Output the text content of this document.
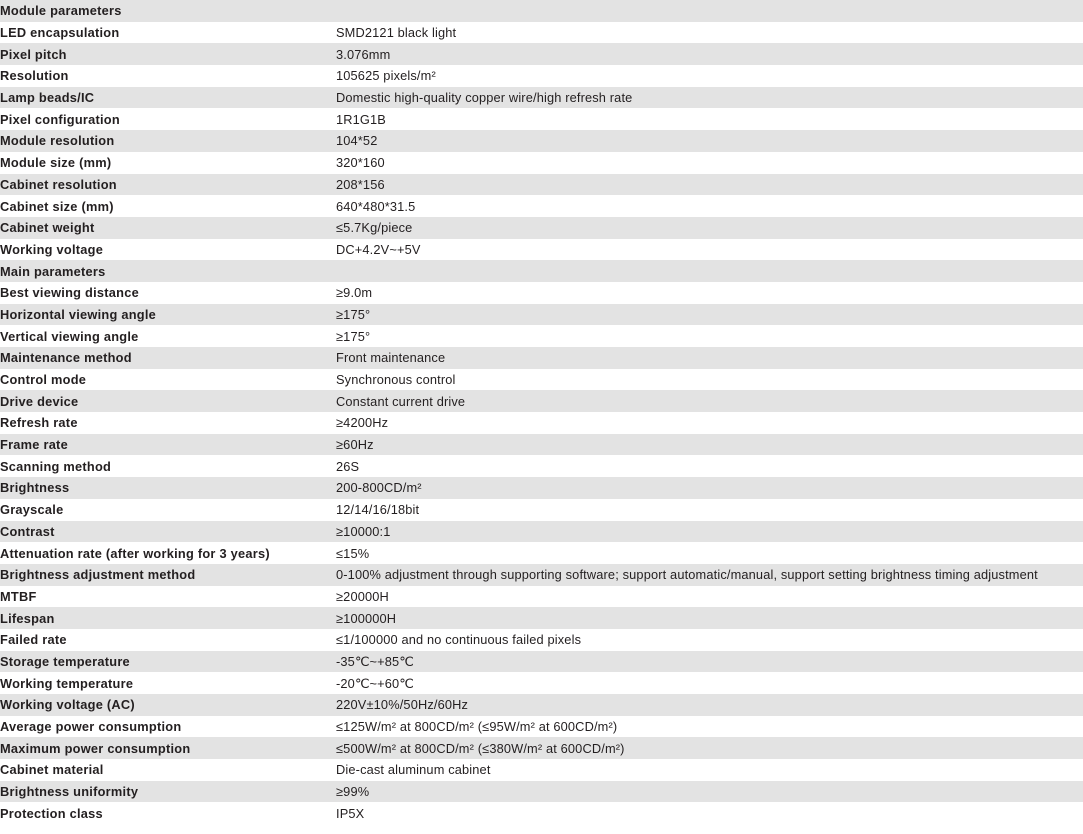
Module parameters	
LED encapsulation	SMD2121 black light
Pixel pitch	3.076mm
Resolution	105625 pixels/m²
Lamp beads/IC	Domestic high-quality copper wire/high refresh rate
Pixel configuration	1R1G1B
Module resolution	104*52
Module size (mm)	320*160
Cabinet resolution	208*156
Cabinet size (mm)	640*480*31.5
Cabinet weight	≤5.7Kg/piece
Working voltage	DC+4.2V~+5V
Main parameters	
Best viewing distance	≥9.0m
Horizontal viewing angle	≥175°
Vertical viewing angle	≥175°
Maintenance method	Front maintenance
Control mode	Synchronous control
Drive device	Constant current drive
Refresh rate	≥4200Hz
Frame rate	≥60Hz
Scanning method	26S
Brightness	200-800CD/m²
Grayscale	12/14/16/18bit
Contrast	≥10000:1
Attenuation rate (after working for 3 years)	≤15%
Brightness adjustment method	0-100% adjustment through supporting software; support automatic/manual, support setting brightness timing adjustment
MTBF	≥20000H
Lifespan	≥100000H
Failed rate	≤1/100000 and no continuous failed pixels
Storage temperature	-35℃~+85℃
Working temperature	-20℃~+60℃
Working voltage (AC)	220V±10%/50Hz/60Hz
Average power consumption	≤125W/m² at 800CD/m² (≤95W/m² at 600CD/m²)
Maximum power consumption	≤500W/m² at 800CD/m² (≤380W/m² at 600CD/m²)
Cabinet material	Die-cast aluminum cabinet
Brightness uniformity	≥99%
Protection class	IP5X
